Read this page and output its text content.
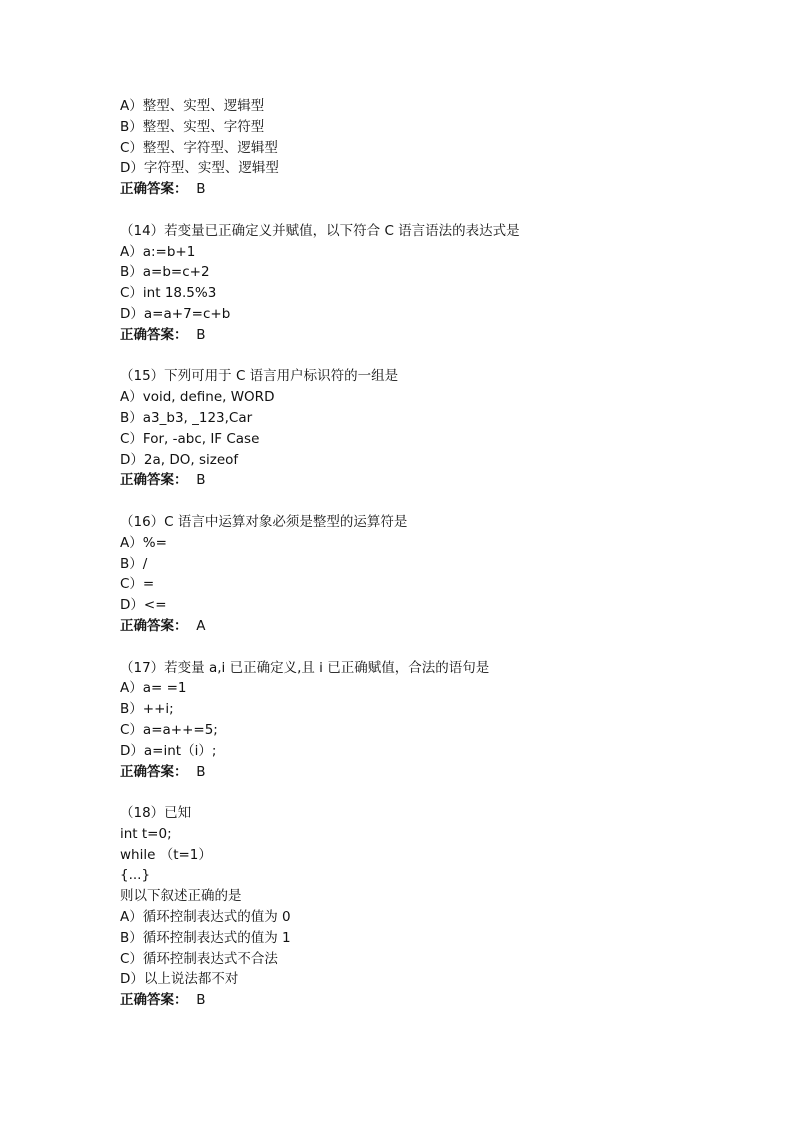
A）整型、实型、逻辑型
B）整型、实型、字符型
C）整型、字符型、逻辑型
D）字符型、实型、逻辑型
正确答案： B
（14）若变量已正确定义并赋值，以下符合 C 语言语法的表达式是
A）a:=b+1
B）a=b=c+2
C）int 18.5%3
D）a=a+7=c+b
正确答案： B
（15）下列可用于 C 语言用户标识符的一组是
A）void, define, WORD
B）a3_b3, _123,Car
C）For, -abc, IF Case
D）2a, DO, sizeof
正确答案： B
（16）C 语言中运算对象必须是整型的运算符是
A）%=
B）/
C）=
D）<=
正确答案： A
（17）若变量 a,i 已正确定义,且 i 已正确赋值，合法的语句是
A）a= =1
B）++i;
C）a=a++=5;
D）a=int（i）;
正确答案： B
（18）已知
int t=0;
while （t=1）
{...}
则以下叙述正确的是
A）循环控制表达式的值为 0
B）循环控制表达式的值为 1
C）循环控制表达式不合法
D）以上说法都不对
正确答案： B
